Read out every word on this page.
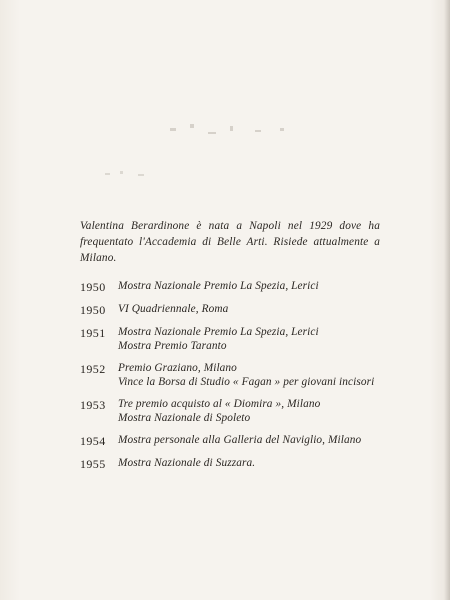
Valentina Berardinone è nata a Napoli nel 1929 dove ha frequentato l'Accademia di Belle Arti. Risiede attualmente a Milano.

1950	Mostra Nazionale Premio La Spezia, Lerici
1950	VI Quadriennale, Roma
1951	Mostra Nazionale Premio La Spezia, Lerici
Mostra Premio Taranto
1952	Premio Graziano, Milano
Vince la Borsa di Studio « Fagan » per giovani incisori
1953	Tre premio acquisto al « Diomira », Milano
Mostra Nazionale di Spoleto
1954	Mostra personale alla Galleria del Naviglio, Milano
1955	Mostra Nazionale di Suzzara.
